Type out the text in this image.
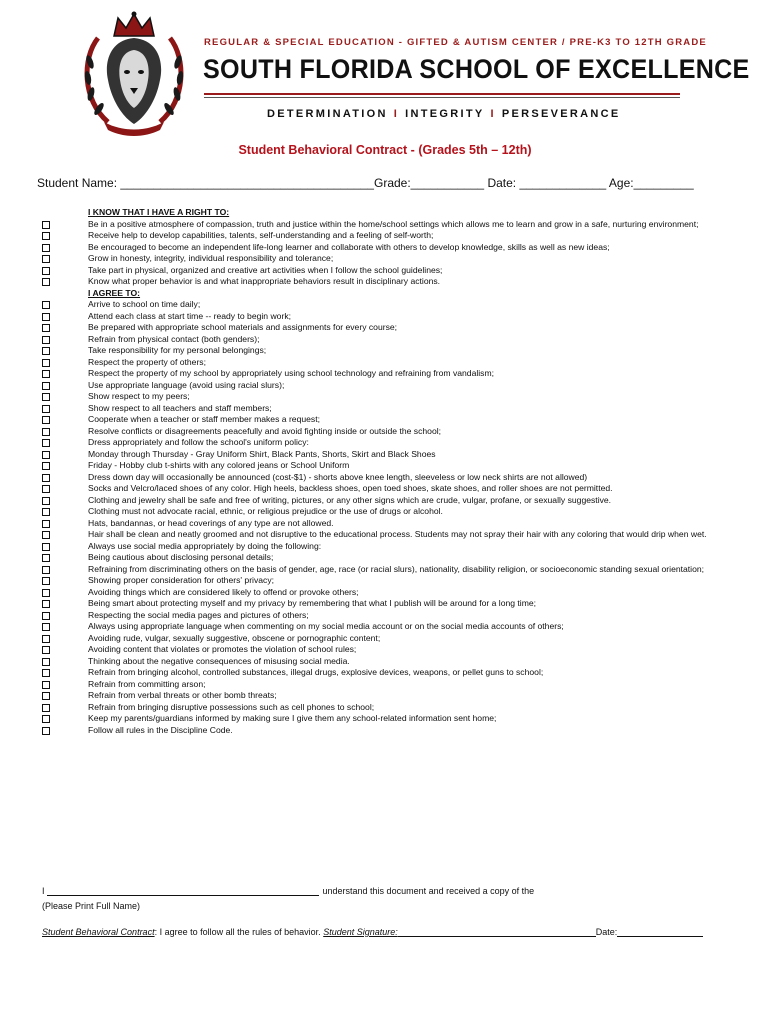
REGULAR & SPECIAL EDUCATION - GIFTED & AUTISM CENTER / PRE-K3 TO 12TH GRADE
SOUTH FLORIDA SCHOOL OF EXCELLENCE
DETERMINATION I INTEGRITY I PERSEVERANCE
Student Behavioral Contract - (Grades 5th – 12th)
Student Name: ______________________________________Grade:___________ Date: _____________ Age:_________
I KNOW THAT I HAVE A RIGHT TO:
Be in a positive atmosphere of compassion, truth and justice within the home/school settings which allows me to learn and grow in a safe, nurturing environment;
Receive help to develop capabilities, talents, self-understanding and a feeling of self-worth;
Be encouraged to become an independent life-long learner and collaborate with others to develop knowledge, skills as well as new ideas;
Grow in honesty, integrity, individual responsibility and tolerance;
Take part in physical, organized and creative art activities when I follow the school guidelines;
Know what proper behavior is and what inappropriate behaviors result in disciplinary actions.
I AGREE TO:
Arrive to school on time daily;
Attend each class at start time -- ready to begin work;
Be prepared with appropriate school materials and assignments for every course;
Refrain from physical contact (both genders);
Take responsibility for my personal belongings;
Respect the property of others;
Respect the property of my school by appropriately using school technology and refraining from vandalism;
Use appropriate language (avoid using racial slurs);
Show respect to my peers;
Show respect to all teachers and staff members;
Cooperate when a teacher or staff member makes a request;
Resolve conflicts or disagreements peacefully and avoid fighting inside or outside the school;
Dress appropriately and follow the school's uniform policy:
Monday through Thursday - Gray Uniform Shirt, Black Pants, Shorts, Skirt and Black Shoes
Friday - Hobby club t-shirts with any colored jeans or School Uniform
Dress down day will occasionally be announced (cost-$1) - shorts above knee length, sleeveless or low neck shirts are not allowed)
Socks and Velcro/laced shoes of any color. High heels, backless shoes, open toed shoes, skate shoes, and roller shoes are not permitted.
Clothing and jewelry shall be safe and free of writing, pictures, or any other signs which are crude, vulgar, profane, or sexually suggestive.
Clothing must not advocate racial, ethnic, or religious prejudice or the use of drugs or alcohol.
Hats, bandannas, or head coverings of any type are not allowed.
Hair shall be clean and neatly groomed and not disruptive to the educational process. Students may not spray their hair with any coloring that would drip when wet.
Always use social media appropriately by doing the following:
Being cautious about disclosing personal details;
Refraining from discriminating others on the basis of gender, age, race (or racial slurs), nationality, disability religion, or socioeconomic standing sexual orientation;
Showing proper consideration for others' privacy;
Avoiding things which are considered likely to offend or provoke others;
Being smart about protecting myself and my privacy by remembering that what I publish will be around for a long time;
Respecting the social media pages and pictures of others;
Always using appropriate language when commenting on my social media account or on the social media accounts of others;
Avoiding rude, vulgar, sexually suggestive, obscene or pornographic content;
Avoiding content that violates or promotes the violation of school rules;
Thinking about the negative consequences of misusing social media.
Refrain from bringing alcohol, controlled substances, illegal drugs, explosive devices, weapons, or pellet guns to school;
Refrain from committing arson;
Refrain from verbal threats or other bomb threats;
Refrain from bringing disruptive possessions such as cell phones to school;
Keep my parents/guardians informed by making sure I give them any school-related information sent home;
Follow all rules in the Discipline Code.
I	understand this document and received a copy of the
(Please Print Full Name)
Student Behavioral Contract: I agree to follow all the rules of behavior. Student Signature:	Date:
